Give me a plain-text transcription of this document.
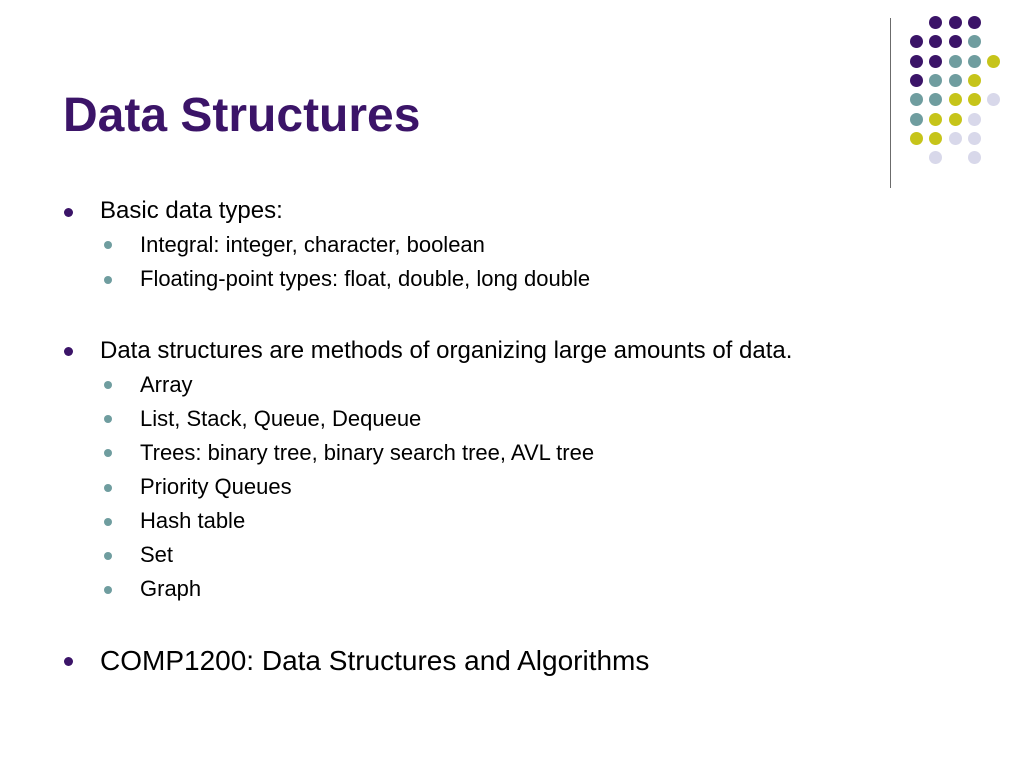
Data Structures
Basic data types:
Integral: integer, character, boolean
Floating-point types: float, double, long double
Data structures are methods of organizing large amounts of data.
Array
List, Stack, Queue, Dequeue
Trees: binary tree, binary search tree, AVL tree
Priority Queues
Hash table
Set
Graph
COMP1200: Data Structures and Algorithms
